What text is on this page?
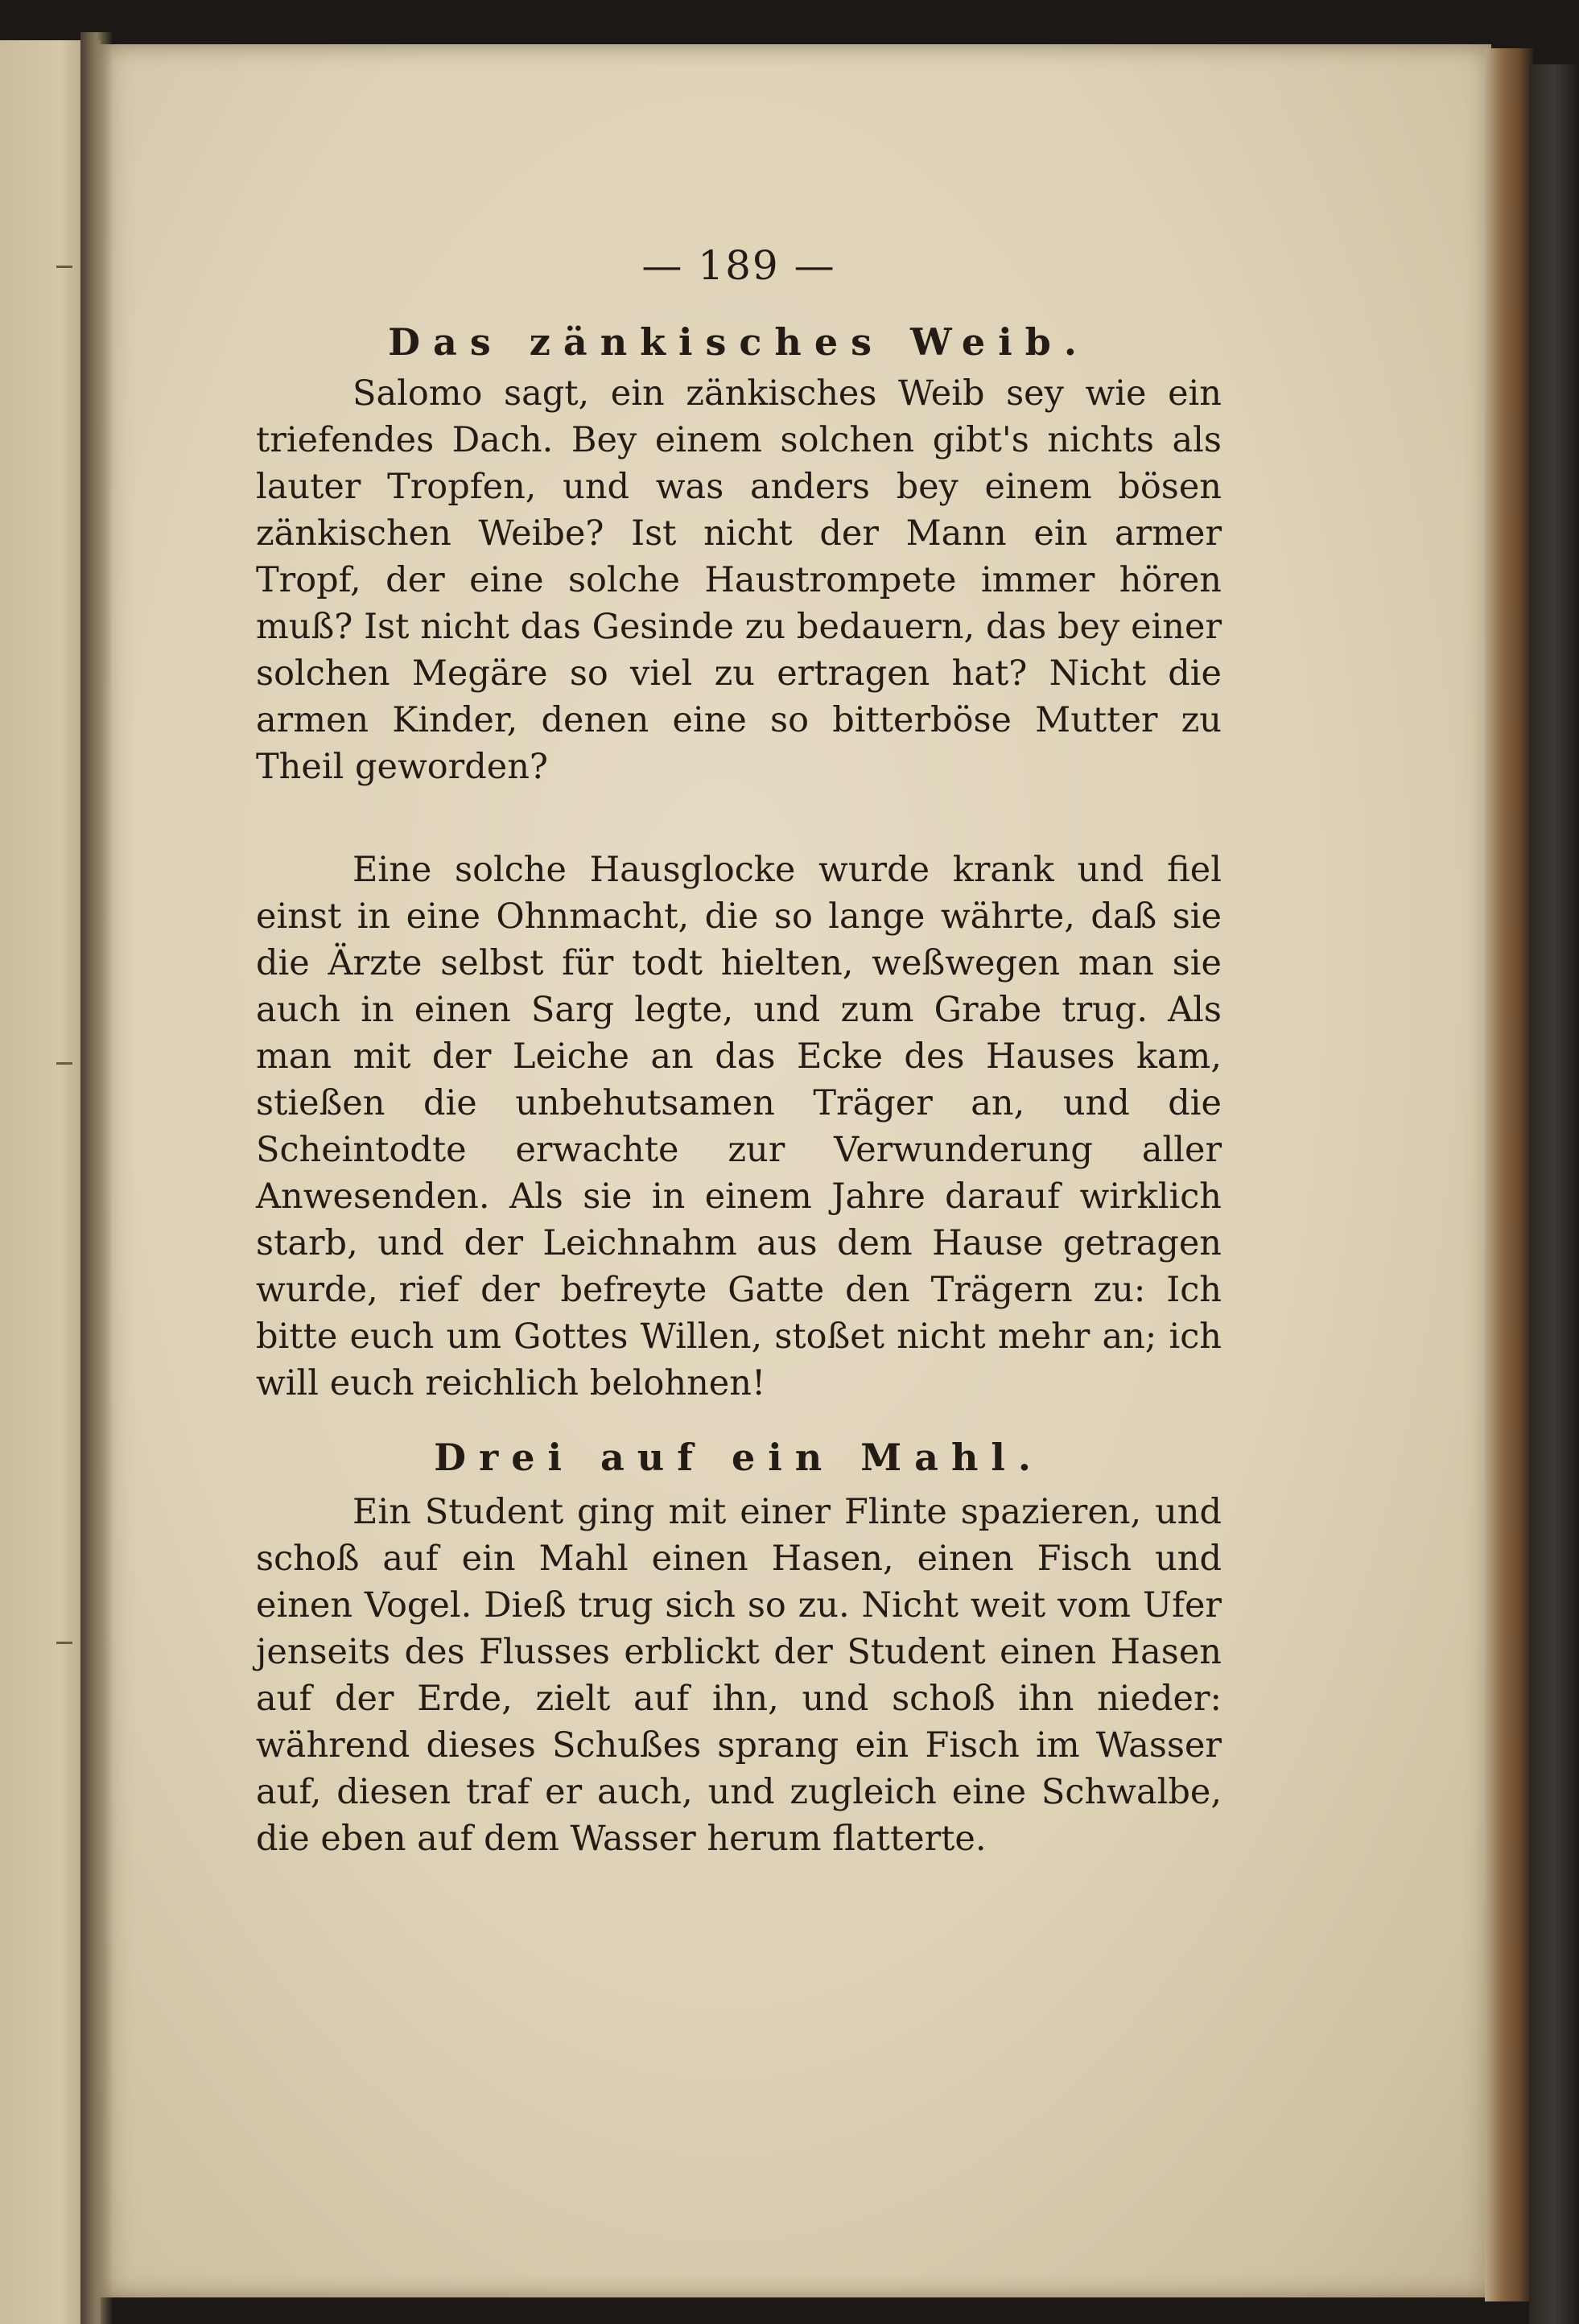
— 189 —
Das zänkisches Weib.

Salomo sagt, ein zänkisches Weib sey wie ein triefendes Dach. Bey einem solchen gibt's nichts als lauter Tropfen, und was anders bey einem bösen zänkischen Weibe? Ist nicht der Mann ein armer Tropf, der eine solche Haustrompete immer hören muß? Ist nicht das Gesinde zu bedauern, das bey einer solchen Megäre so viel zu ertragen hat? Nicht die armen Kinder, denen eine so bitterböse Mutter zu Theil geworden?

Eine solche Hausglocke wurde krank und fiel einst in eine Ohnmacht, die so lange währte, daß sie die Ärzte selbst für todt hielten, weßwegen man sie auch in einen Sarg legte, und zum Grabe trug. Als man mit der Leiche an das Ecke des Hauses kam, stießen die unbehutsamen Träger an, und die Scheintodte erwachte zur Verwunderung aller Anwesenden. Als sie in einem Jahre darauf wirklich starb, und der Leichnahm aus dem Hause getragen wurde, rief der befreyte Gatte den Trägern zu: Ich bitte euch um Gottes Willen, stoßet nicht mehr an; ich will euch reichlich belohnen!

Drei auf ein Mahl.

Ein Student ging mit einer Flinte spazieren, und schoß auf ein Mahl einen Hasen, einen Fisch und einen Vogel. Dieß trug sich so zu. Nicht weit vom Ufer jenseits des Flusses erblickt der Student einen Hasen auf der Erde, zielt auf ihn, und schoß ihn nieder: während dieses Schußes sprang ein Fisch im Wasser auf, diesen traf er auch, und zugleich eine Schwalbe, die eben auf dem Wasser herum flatterte.
